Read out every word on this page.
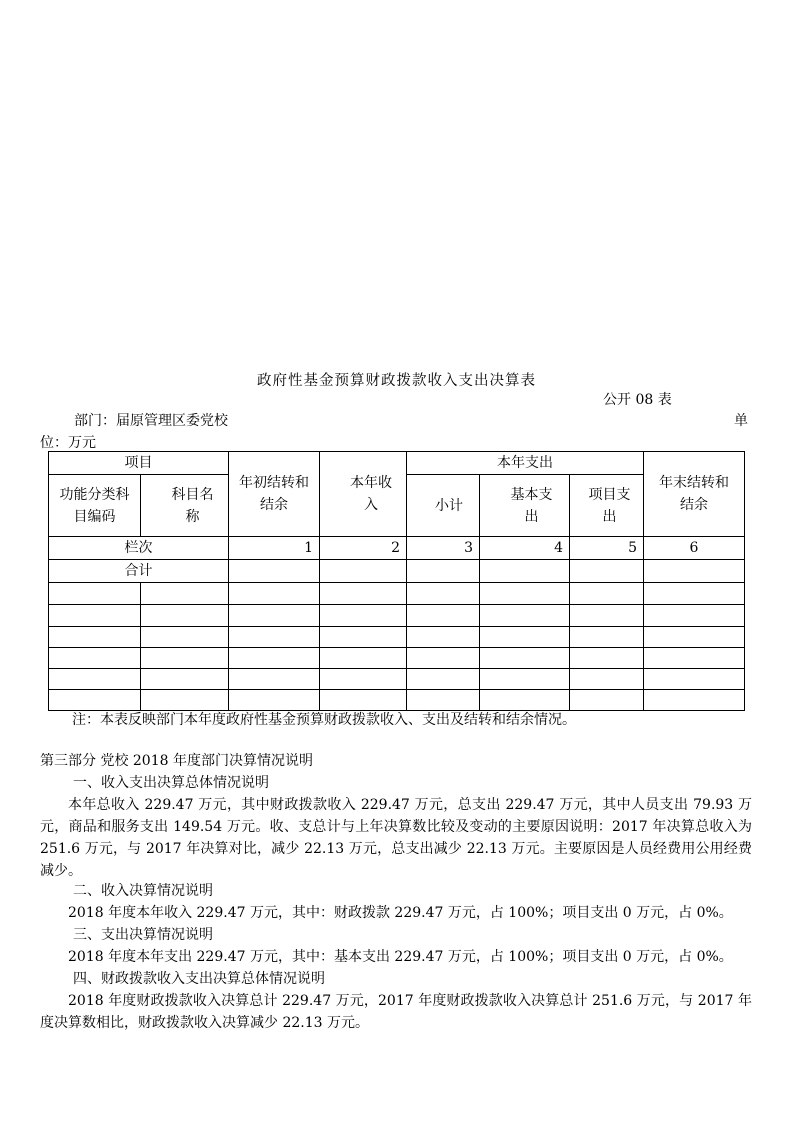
政府性基金预算财政拨款收入支出决算表
公开 08 表
部门：届原管理区委党校	单
位：万元
项目		年初结转和结余	本年收入	本年支出			年末结转和结余

功能分类科目编码	科目名称			小计	基本支出	项目支出	

栏次		1	2	3	4	5	6
合计							

注：本表反映部门本年度政府性基金预算财政拨款收入、支出及结转和结余情况。
第三部分 党校 2018 年度部门决算情况说明
一、收入支出决算总体情况说明
本年总收入 229.47 万元，其中财政拨款收入 229.47 万元，总支出 229.47 万元，其中人员支出 79.93 万元，商品和服务支出 149.54 万元。收、支总计与上年决算数比较及变动的主要原因说明：2017 年决算总收入为 251.6 万元，与 2017 年决算对比，减少 22.13 万元，总支出减少 22.13 万元。主要原因是人员经费用公用经费减少。
二、收入决算情况说明
2018 年度本年收入 229.47 万元，其中：财政拨款 229.47 万元，占 100%；项目支出 0 万元，占 0%。
三、支出决算情况说明
2018 年度本年支出 229.47 万元，其中：基本支出 229.47 万元，占 100%；项目支出 0 万元，占 0%。
四、财政拨款收入支出决算总体情况说明
2018 年度财政拨款收入决算总计 229.47 万元，2017 年度财政拨款收入决算总计 251.6 万元，与 2017 年度决算数相比，财政拨款收入决算减少 22.13 万元。
